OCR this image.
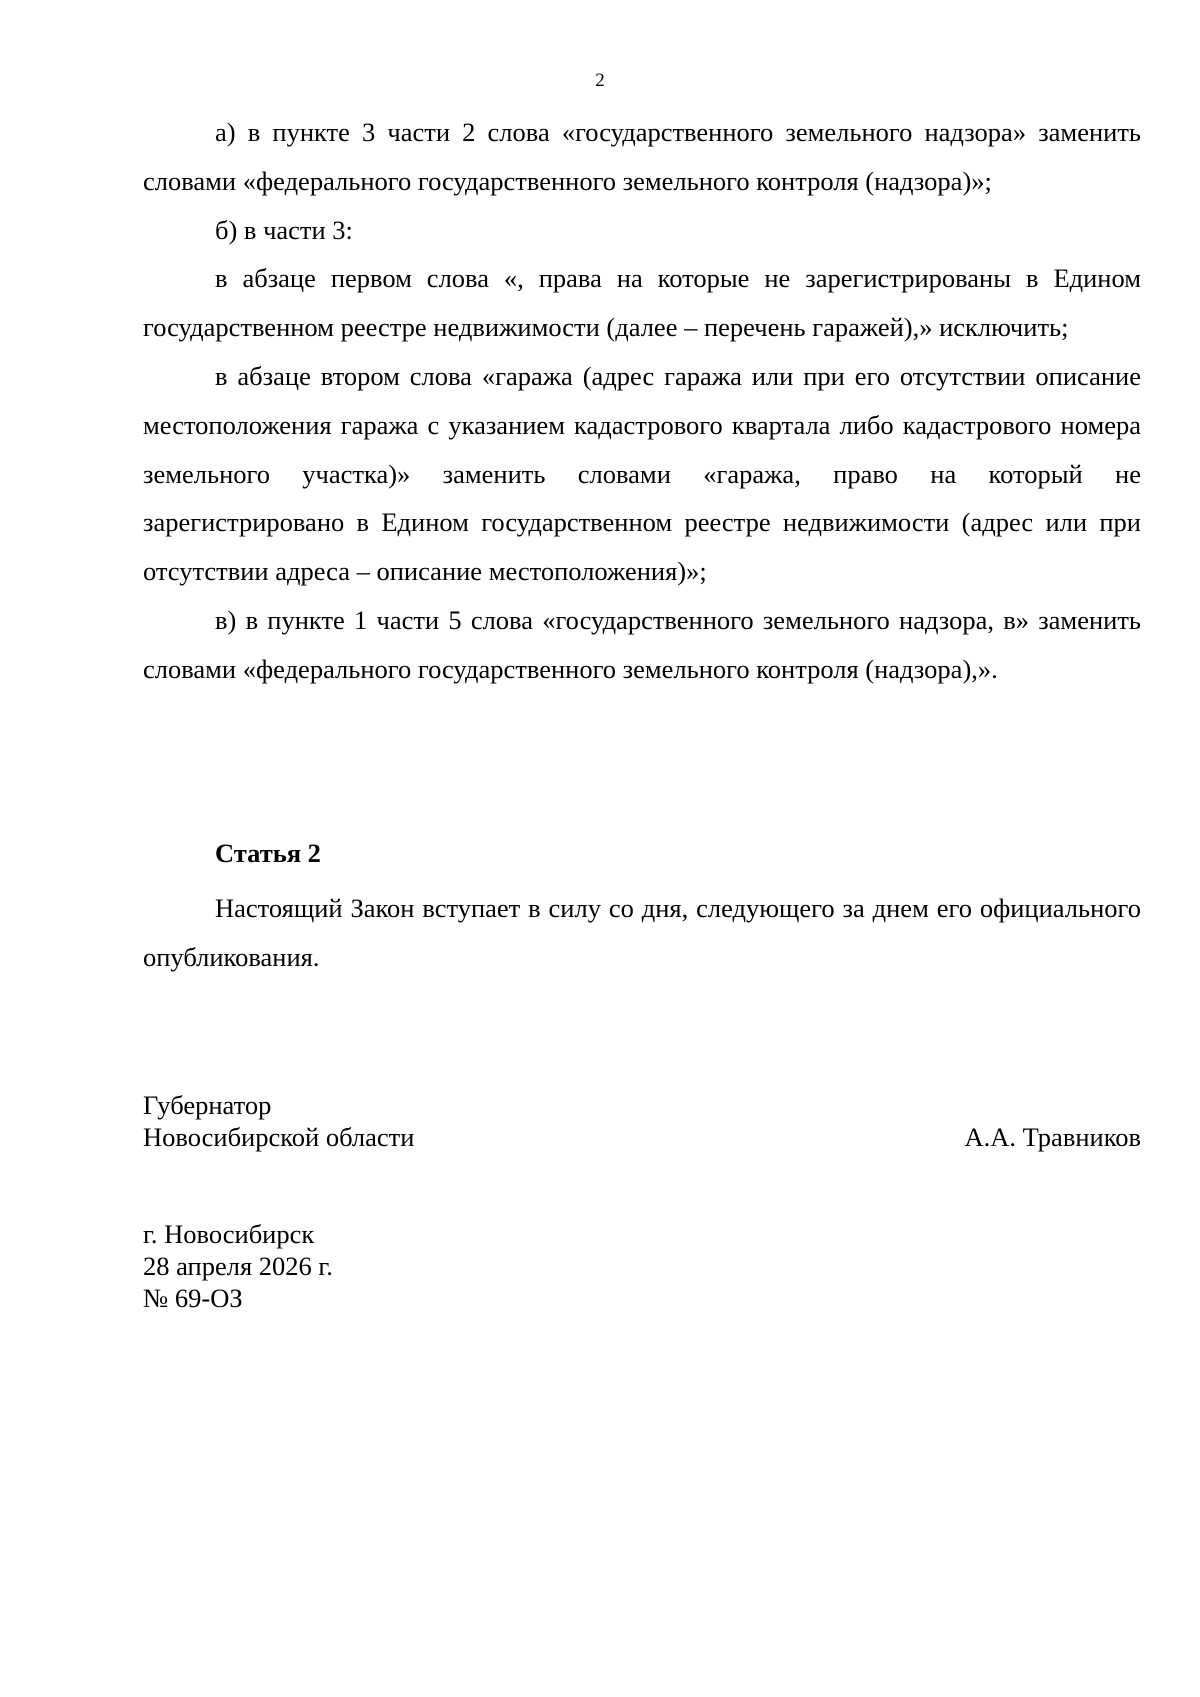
2

а) в пункте 3 части 2 слова «государственного земельного надзора» заменить словами «федерального государственного земельного контроля (надзора)»;

б) в части 3:

в абзаце первом слова «, права на которые не зарегистрированы в Едином государственном реестре недвижимости (далее – перечень гаражей),» исключить;

в абзаце втором слова «гаража (адрес гаража или при его отсутствии описание местоположения гаража с указанием кадастрового квартала либо кадастрового номера земельного участка)» заменить словами «гаража, право на который не зарегистрировано в Едином государственном реестре недвижимости (адрес или при отсутствии адреса – описание местоположения)»;

в) в пункте 1 части 5 слова «государственного земельного надзора, в» заменить словами «федерального государственного земельного контроля (надзора),».

Статья 2

Настоящий Закон вступает в силу со дня, следующего за днем его официального опубликования.

Губернатор
Новосибирской области	А.А. Травников
г. Новосибирск
28 апреля 2026 г.
№ 69-ОЗ
